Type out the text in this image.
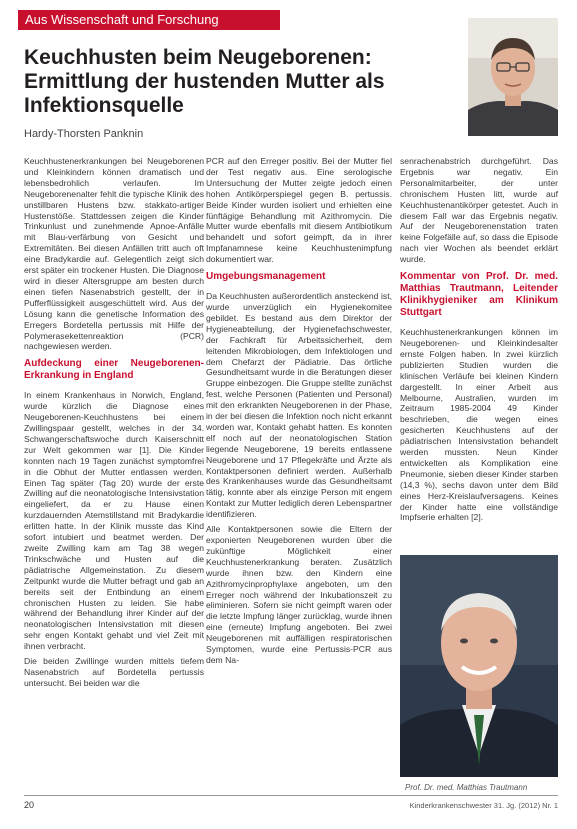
Aus Wissenschaft und Forschung
Keuchhusten beim Neugeborenen: Ermittlung der hustenden Mutter als Infektionsquelle
Hardy-Thorsten Panknin

Keuchhustenerkrankungen bei Neugeborenen und Kleinkindern können dramatisch und lebensbedrohlich verlaufen. Im Neugeborenenalter fehlt die typische Klinik des unstillbaren Hustens bzw. stakkato-artiger Hustenstöße. Stattdessen zeigen die Kinder Trinkunlust und zunehmende Apnoe-Anfälle mit Blau-verfärbung von Gesicht und Extremitäten. Bei diesen Anfällen tritt auch oft eine Bradykardie auf. Gelegentlich zeigt sich erst später ein trockener Husten. Die Diagnose wird in dieser Altersgruppe am besten durch einen tiefen Nasenabstrich gestellt, der in Pufferflüssigkeit ausgeschüttelt wird. Aus der Lösung kann die genetische Information des Erregers Bordetella pertussis mit Hilfe der Polymerasekettenreaktion (PCR) nachgewiesen werden.

Aufdeckung einer Neugeborenen-Erkrankung in England

In einem Krankenhaus in Norwich, England, wurde kürzlich die Diagnose eines Neugeborenen-Keuchhustens bei einem Zwillingspaar gestellt, welches in der 34. Schwangerschaftswoche durch Kaiserschnitt zur Welt gekommen war [1]. Die Kinder konnten nach 19 Tagen zunächst symptomfrei in die Obhut der Mutter entlassen werden. Einen Tag später (Tag 20) wurde der erste Zwilling auf die neonatologische Intensivstation eingeliefert, da er zu Hause einen kurzdauernden Atemstillstand mit Bradykardie erlitten hatte. In der Klinik musste das Kind sofort intubiert und beatmet werden. Der zweite Zwilling kam am Tag 38 wegen Trinkschwäche und Husten auf die pädiatrische Allgemeinstation. Zu diesem Zeitpunkt wurde die Mutter befragt und gab an bereits seit der Entbindung an einem chronischen Husten zu leiden. Sie habe während der Behandlung ihrer Kinder auf der neonatologischen Intensivstation mit diesen sehr engen Kontakt gehabt und viel Zeit mit ihnen verbracht.

Die beiden Zwillinge wurden mittels tiefem Nasenabstrich auf Bordetella pertussis untersucht. Bei beiden war die

PCR auf den Erreger positiv. Bei der Mutter fiel der Test negativ aus. Eine serologische Untersuchung der Mutter zeigte jedoch einen hohen Antikörperspiegel gegen B. pertussis. Beide Kinder wurden isoliert und erhielten eine fünftägige Behandlung mit Azithromycin. Die Mutter wurde ebenfalls mit diesem Antibiotikum behandelt und sofort geimpft, da in ihrer Impfanamnese keine Keuchhustenimpfung dokumentiert war.

Umgebungsmanagement

Da Keuchhusten außerordentlich ansteckend ist, wurde unverzüglich ein Hygienekomitee gebildet. Es bestand aus dem Direktor der Hygieneabteilung, der Hygienefachschwester, der Fachkraft für Arbeitssicherheit, dem leitenden Mikrobiologen, dem Infektiologen und dem Chefarzt der Pädiatrie. Das örtliche Gesundheitsamt wurde in die Beratungen dieser Gruppe einbezogen. Die Gruppe stellte zunächst fest, welche Personen (Patienten und Personal) mit den erkrankten Neugeborenen in der Phase, in der bei diesen die Infektion noch nicht erkannt worden war, Kontakt gehabt hatten. Es konnten elf noch auf der neonatologischen Station liegende Neugeborene, 19 bereits entlassene Neugeborene und 17 Pflegekräfte und Ärzte als Kontaktpersonen definiert werden. Außerhalb des Krankenhauses wurde das Gesundheitsamt tätig, konnte aber als einzige Person mit engem Kontakt zur Mutter lediglich deren Lebenspartner identifizieren.

Alle Kontaktpersonen sowie die Eltern der exponierten Neugeborenen wurden über die zukünftige Möglichkeit einer Keuchhustenerkrankung beraten. Zusätzlich wurde ihnen bzw. den Kindern eine Azithromycinprophylaxe angeboten, um den Erreger noch während der Inkubationszeit zu eliminieren. Sofern sie nicht geimpft waren oder die letzte Impfung länger zurücklag, wurde ihnen eine (erneute) Impfung angeboten. Bei zwei Neugeborenen mit auffälligen respiratorischen Symptomen, wurde eine Pertussis-PCR aus dem Na-

senrachenabstrich durchgeführt. Das Ergebnis war negativ. Ein Personalmitarbeiter, der unter chronischem Husten litt, wurde auf Keuchhustenantikörper getestet. Auch in diesem Fall war das Ergebnis negativ. Auf der Neugeborenenstation traten keine Folgefälle auf, so dass die Episode nach vier Wochen als beendet erklärt wurde.

Kommentar von Prof. Dr. med. Matthias Trautmann, Leitender Klinikhygieniker am Klinikum Stuttgart

Keuchhustenerkrankungen können im Neugeborenen- und Kleinkindesalter ernste Folgen haben. In zwei kürzlich publizierten Studien wurden die klinischen Verläufe bei kleinen Kindern dargestellt. In einer Arbeit aus Melbourne, Australien, wurden im Zeitraum 1985-2004 49 Kinder beschrieben, die wegen eines gesicherten Keuchhustens auf der pädiatrischen Intensivstation behandelt werden mussten. Neun Kinder entwickelten als Komplikation eine Pneumonie, sieben dieser Kinder starben (14,3 %), sechs davon unter dem Bild eines Herz-Kreislaufversagens. Keines der Kinder hatte eine vollständige Impfserie erhalten [2].

Prof. Dr. med. Matthias Trautmann
20	Kinderkrankenschwester 31. Jg. (2012) Nr. 1
